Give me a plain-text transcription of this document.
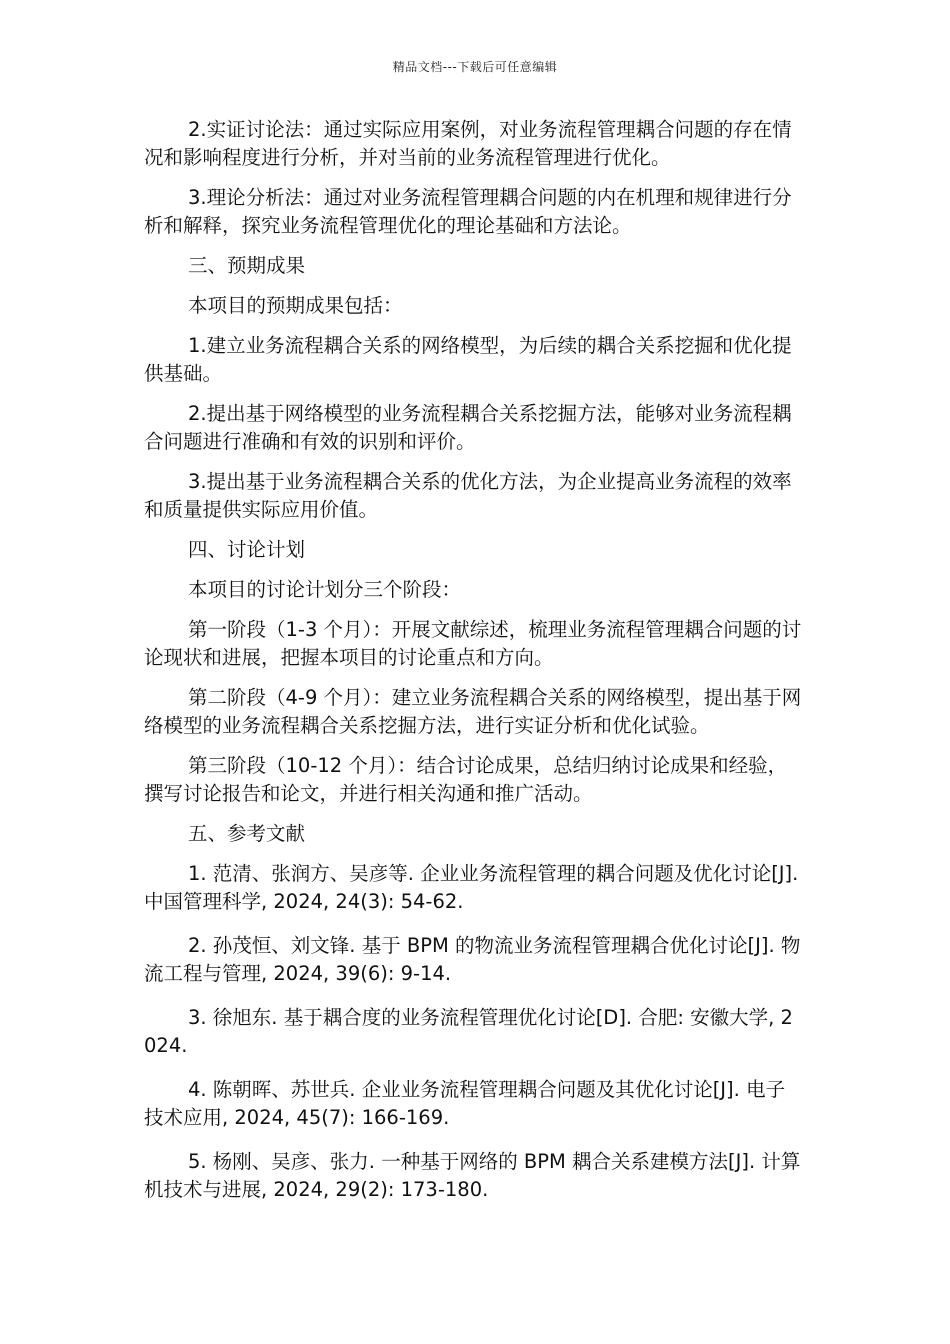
精品文档---下载后可任意编辑

2.实证讨论法：通过实际应用案例，对业务流程管理耦合问题的存在情况和影响程度进行分析，并对当前的业务流程管理进行优化。

3.理论分析法：通过对业务流程管理耦合问题的内在机理和规律进行分析和解释，探究业务流程管理优化的理论基础和方法论。

三、预期成果

本项目的预期成果包括：

1.建立业务流程耦合关系的网络模型，为后续的耦合关系挖掘和优化提供基础。

2.提出基于网络模型的业务流程耦合关系挖掘方法，能够对业务流程耦合问题进行准确和有效的识别和评价。

3.提出基于业务流程耦合关系的优化方法，为企业提高业务流程的效率和质量提供实际应用价值。

四、讨论计划

本项目的讨论计划分三个阶段：

第一阶段（1-3 个月）：开展文献综述，梳理业务流程管理耦合问题的讨论现状和进展，把握本项目的讨论重点和方向。

第二阶段（4-9 个月）：建立业务流程耦合关系的网络模型，提出基于网络模型的业务流程耦合关系挖掘方法，进行实证分析和优化试验。

第三阶段（10-12 个月）：结合讨论成果，总结归纳讨论成果和经验，撰写讨论报告和论文，并进行相关沟通和推广活动。

五、参考文献

1. 范清、张润方、吴彦等. 企业业务流程管理的耦合问题及优化讨论[J]. 中国管理科学, 2024, 24(3): 54-62.

2. 孙茂恒、刘文锋. 基于 BPM 的物流业务流程管理耦合优化讨论[J]. 物流工程与管理, 2024, 39(6): 9-14.

3. 徐旭东. 基于耦合度的业务流程管理优化讨论[D]. 合肥: 安徽大学, 2024.

4. 陈朝晖、苏世兵. 企业业务流程管理耦合问题及其优化讨论[J]. 电子技术应用, 2024, 45(7): 166-169.

5. 杨刚、吴彦、张力. 一种基于网络的 BPM 耦合关系建模方法[J]. 计算机技术与进展, 2024, 29(2): 173-180.
